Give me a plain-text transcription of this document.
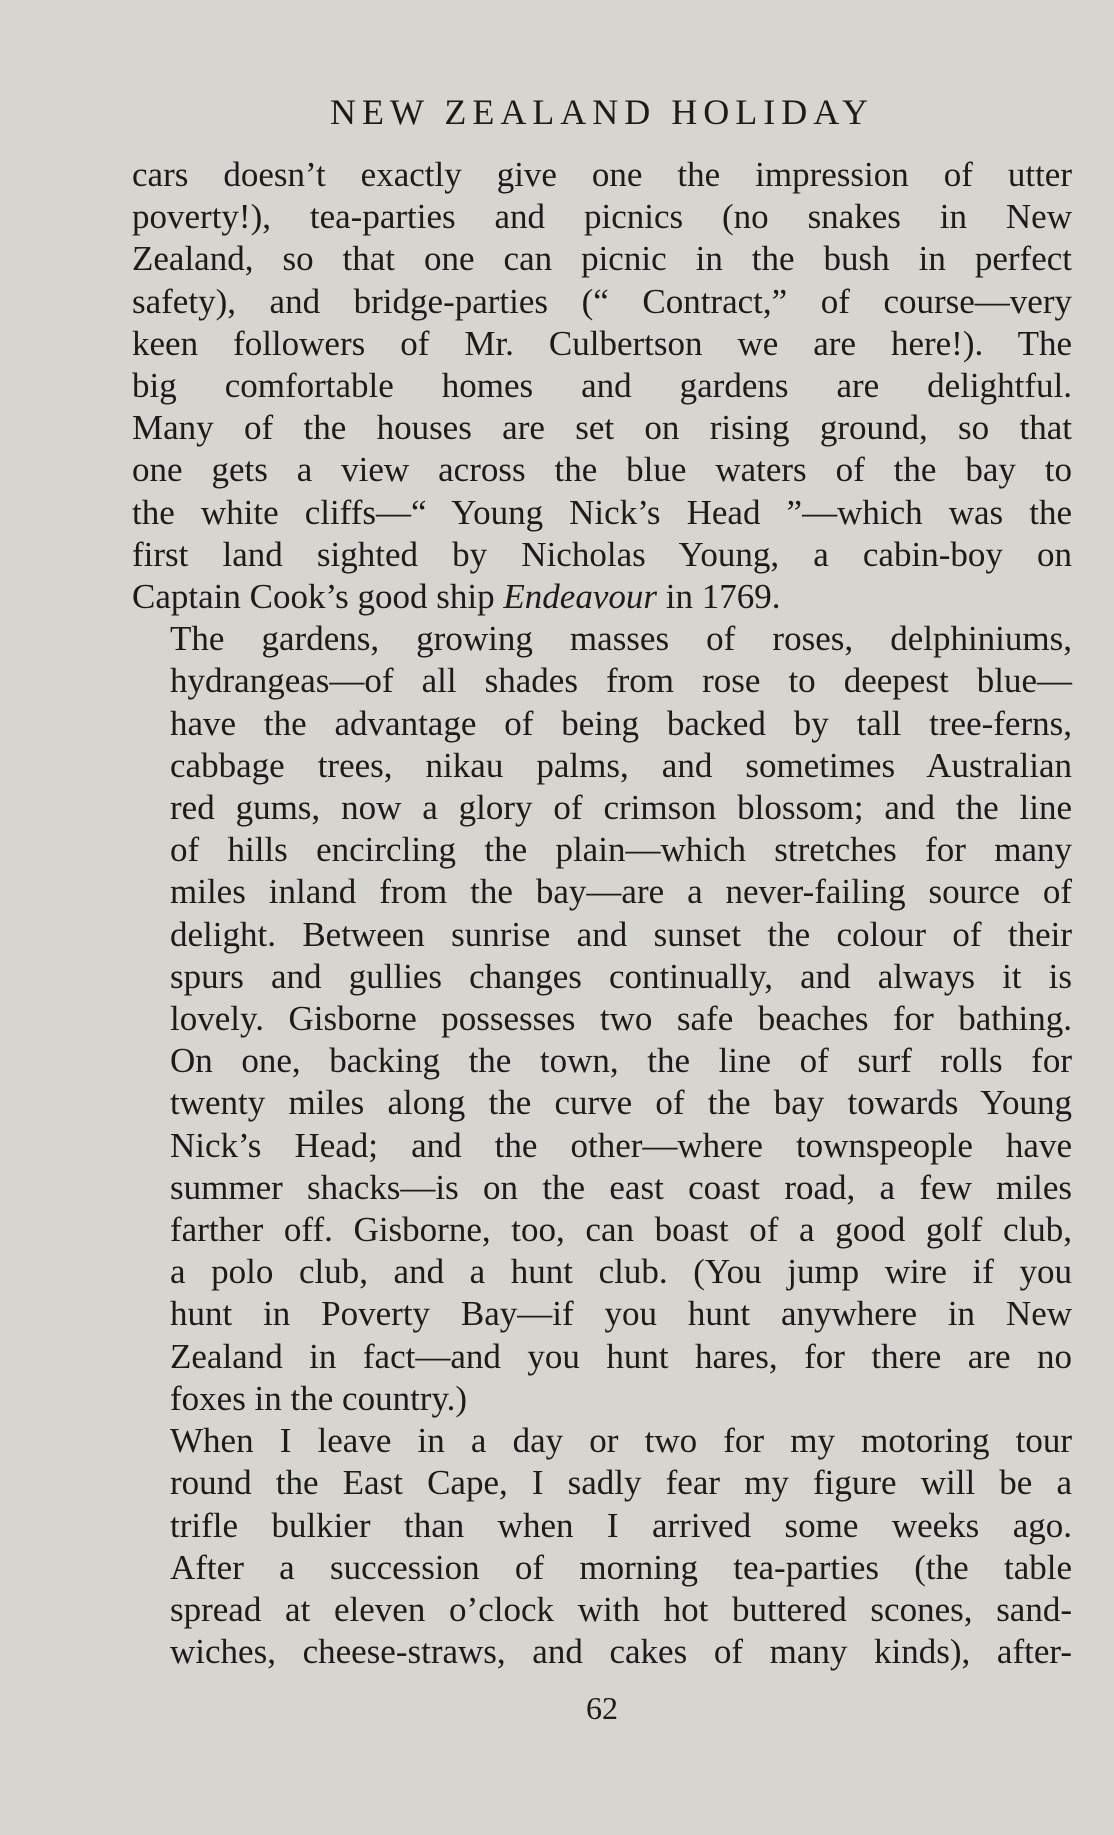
NEW ZEALAND HOLIDAY

cars doesn’t exactly give one the impression of utter
poverty!), tea-parties and picnics (no snakes in New
Zealand, so that one can picnic in the bush in perfect
safety), and bridge-parties (“ Contract,” of course—very
keen followers of Mr. Culbertson we are here!). The
big comfortable homes and gardens are delightful.
Many of the houses are set on rising ground, so that
one gets a view across the blue waters of the bay to
the white cliffs—“ Young Nick’s Head ”—which was the
first land sighted by Nicholas Young, a cabin-boy on
Captain Cook’s good ship Endeavour in 1769.

The gardens, growing masses of roses, delphiniums,
hydrangeas—of all shades from rose to deepest blue—
have the advantage of being backed by tall tree-ferns,
cabbage trees, nikau palms, and sometimes Australian
red gums, now a glory of crimson blossom; and the line
of hills encircling the plain—which stretches for many
miles inland from the bay—are a never-failing source of
delight. Between sunrise and sunset the colour of their
spurs and gullies changes continually, and always it is
lovely. Gisborne possesses two safe beaches for bathing.
On one, backing the town, the line of surf rolls for
twenty miles along the curve of the bay towards Young
Nick’s Head; and the other—where townspeople have
summer shacks—is on the east coast road, a few miles
farther off. Gisborne, too, can boast of a good golf club,
a polo club, and a hunt club. (You jump wire if you
hunt in Poverty Bay—if you hunt anywhere in New
Zealand in fact—and you hunt hares, for there are no
foxes in the country.)

When I leave in a day or two for my motoring tour
round the East Cape, I sadly fear my figure will be a
trifle bulkier than when I arrived some weeks ago.
After a succession of morning tea-parties (the table
spread at eleven o’clock with hot buttered scones, sand-
wiches, cheese-straws, and cakes of many kinds), after-

62
